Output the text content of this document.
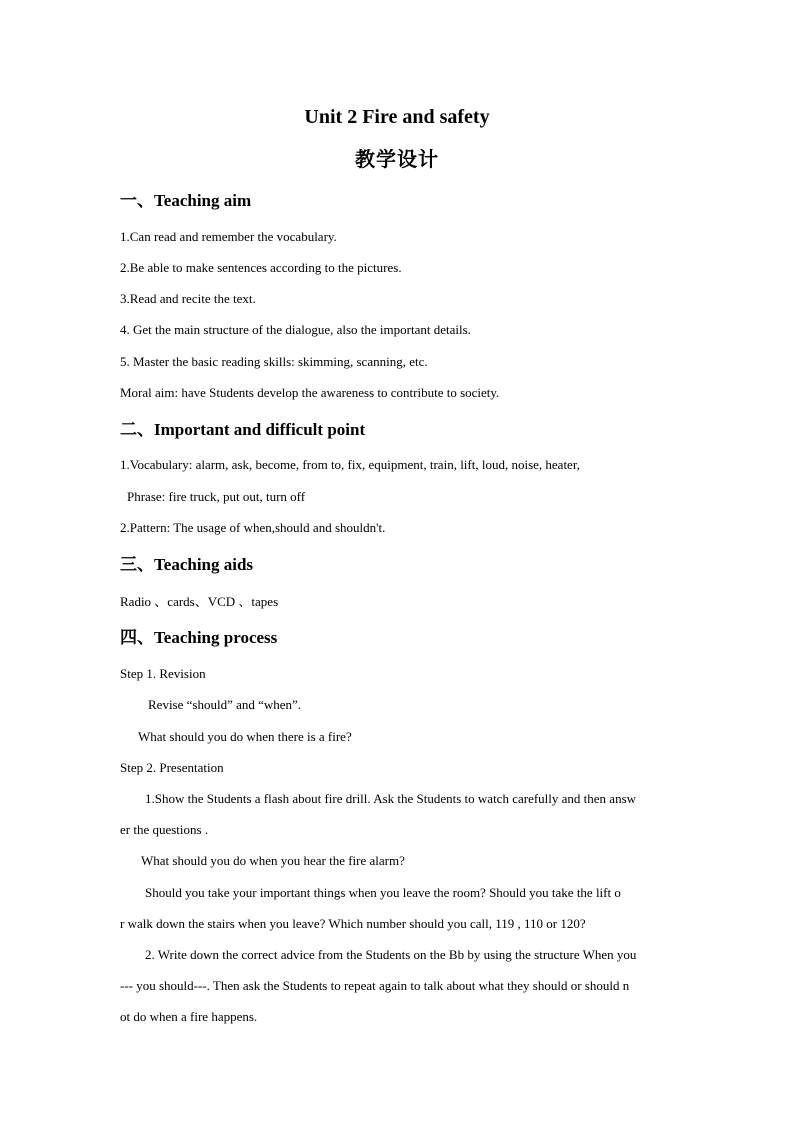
Unit 2 Fire and safety
教学设计
一、Teaching aim
1.Can read and remember the vocabulary.
2.Be able to make sentences according to the pictures.
3.Read and recite the text.
4. Get the main structure of the dialogue, also the important details.
5. Master the basic reading skills: skimming, scanning, etc.
Moral aim: have Students develop the awareness to contribute to society.
二、Important and difficult point
1.Vocabulary: alarm, ask, become, from to, fix, equipment, train, lift, loud, noise, heater,
Phrase: fire truck, put out, turn off
2.Pattern: The usage of when,should and shouldn't.
三、Teaching aids
Radio 、cards、VCD 、tapes
四、Teaching process
Step 1. Revision
Revise “should” and “when”.
What should you do when there is a fire?
Step 2. Presentation
1.Show the Students a flash about fire drill. Ask the Students to watch carefully and then answ
er the questions .
What should you do when you hear the fire alarm?
Should you take your important things when you leave the room? Should you take the lift o
r walk down the stairs when you leave? Which number should you call, 119 , 110 or 120?
2. Write down the correct advice from the Students on the Bb by using the structure When you
--- you should---. Then ask the Students to repeat again to talk about what they should or should n
ot do when a fire happens.
